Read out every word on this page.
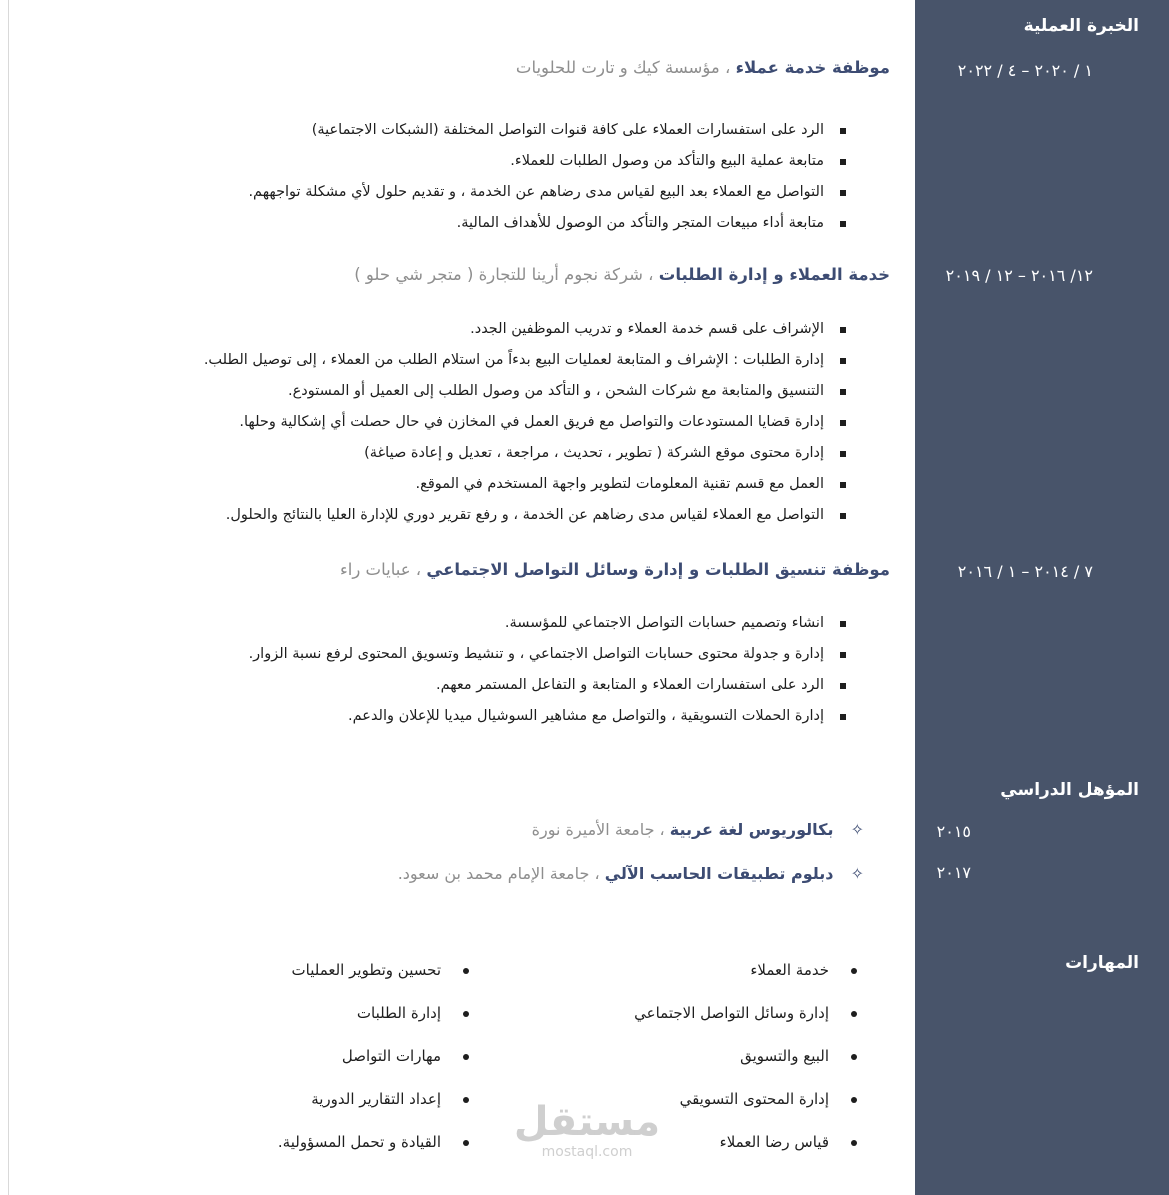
الخبرة العملية
المؤهل الدراسي
المهارات
١ / ٢٠٢٠ – ٤ / ٢٠٢٢
١٢/ ٢٠١٦ – ١٢ / ٢٠١٩
٧ / ٢٠١٤ – ١ / ٢٠١٦
٢٠١٥
٢٠١٧
موظفة خدمة عملاء ، مؤسسة كيك و تارت للحلويات
الرد على استفسارات العملاء على كافة قنوات التواصل المختلفة (الشبكات الاجتماعية)
متابعة عملية البيع والتأكد من وصول الطلبات للعملاء.
التواصل مع العملاء بعد البيع لقياس مدى رضاهم عن الخدمة ، و تقديم حلول لأي مشكلة تواجههم.
متابعة أداء مبيعات المتجر والتأكد من الوصول للأهداف المالية.
خدمة العملاء و إدارة الطلبات ، شركة نجوم أرينا للتجارة ( متجر شي حلو )
الإشراف على قسم خدمة العملاء و تدريب الموظفين الجدد.
إدارة الطلبات : الإشراف و المتابعة لعمليات البيع بدءاً من استلام الطلب من العملاء ، إلى توصيل الطلب.
التنسيق والمتابعة مع شركات الشحن ، و التأكد من وصول الطلب إلى العميل أو المستودع.
إدارة قضايا المستودعات والتواصل مع فريق العمل في المخازن في حال حصلت أي إشكالية وحلها.
إدارة محتوى موقع الشركة ( تطوير ، تحديث ، مراجعة ، تعديل و إعادة صياغة)
العمل مع قسم تقنية المعلومات لتطوير واجهة المستخدم في الموقع.
التواصل مع العملاء لقياس مدى رضاهم عن الخدمة ، و رفع تقرير دوري للإدارة العليا بالنتائج والحلول.
موظفة تنسيق الطلبات و إدارة وسائل التواصل الاجتماعي ، عبايات راء
انشاء وتصميم حسابات التواصل الاجتماعي للمؤسسة.
إدارة و جدولة محتوى حسابات التواصل الاجتماعي ، و تنشيط وتسويق المحتوى لرفع نسبة الزوار.
الرد على استفسارات العملاء و المتابعة و التفاعل المستمر معهم.
إدارة الحملات التسويقية ، والتواصل مع مشاهير السوشيال ميديا للإعلان والدعم.
✧ بكالوريوس لغة عربية ، جامعة الأميرة نورة
✧ دبلوم تطبيقات الحاسب الآلي ، جامعة الإمام محمد بن سعود.
خدمة العملاء
إدارة وسائل التواصل الاجتماعي
البيع والتسويق
إدارة المحتوى التسويقي
قياس رضا العملاء
تحسين وتطوير العمليات
إدارة الطلبات
مهارات التواصل
إعداد التقارير الدورية
القيادة و تحمل المسؤولية.	مستقل
mostaql.com
